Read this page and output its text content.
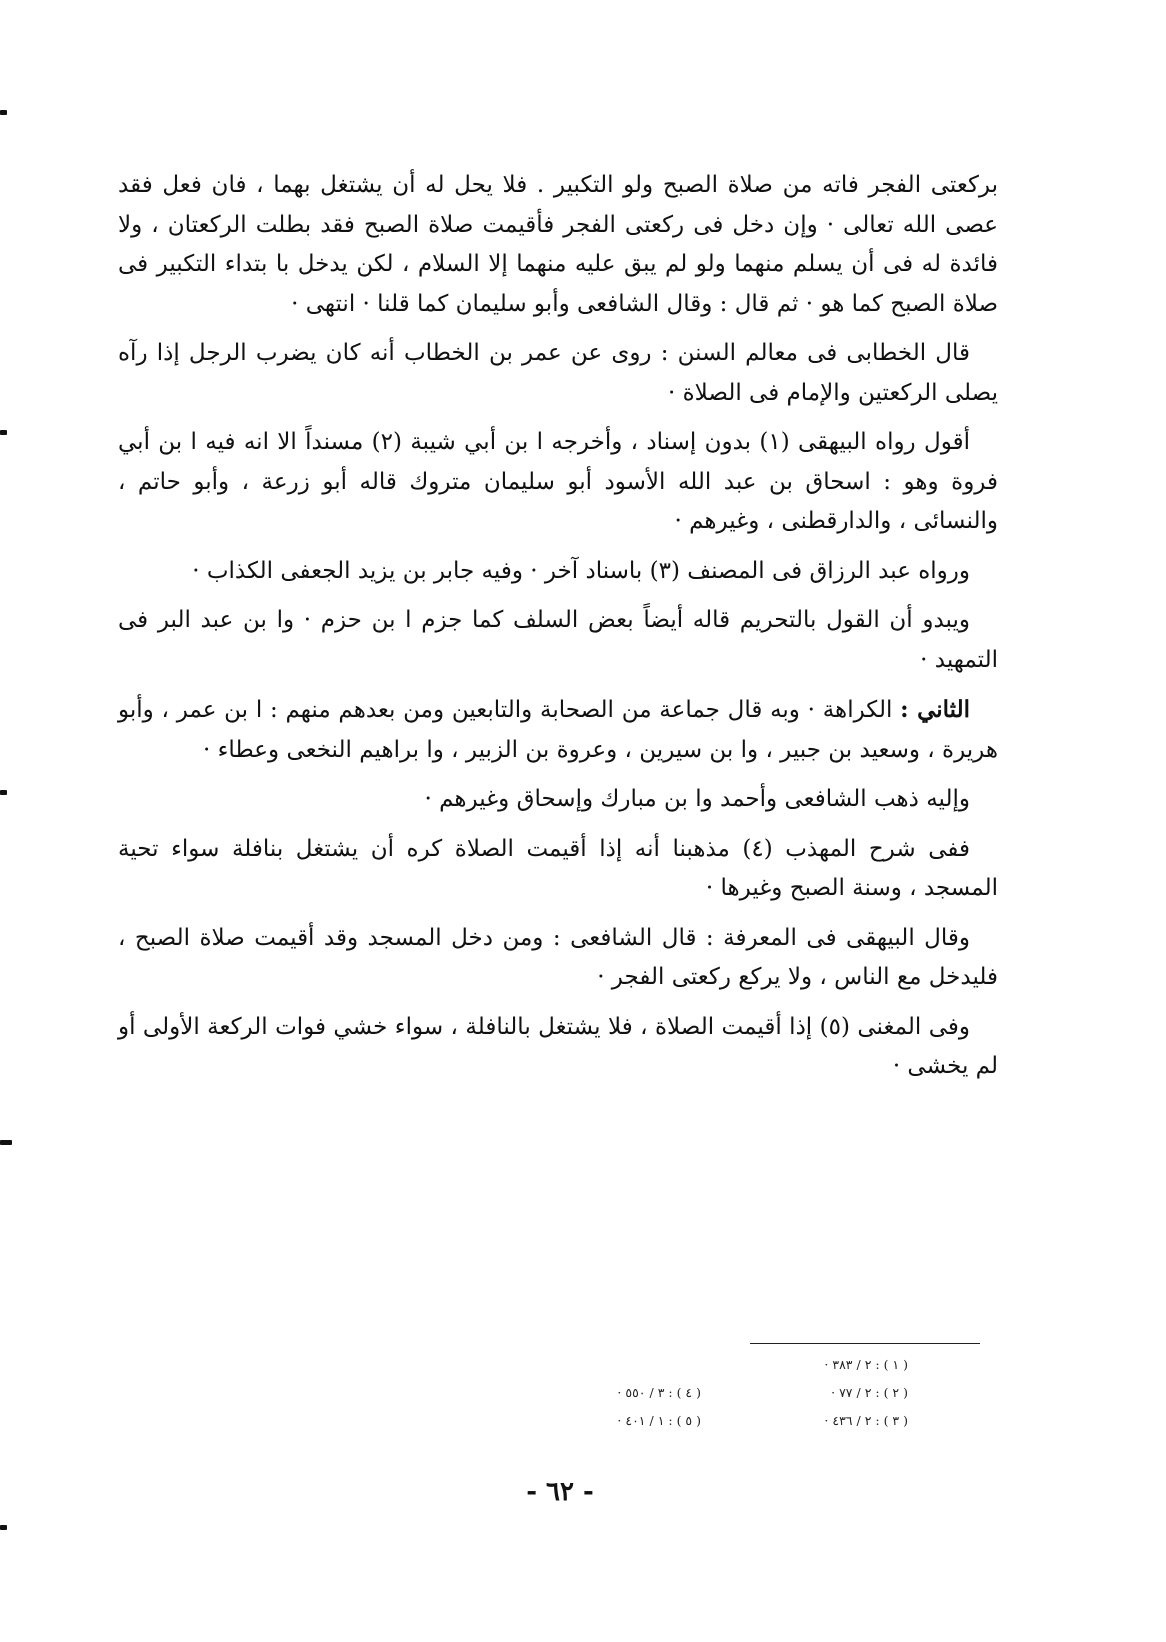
بركعتى الفجر فاته من صلاة الصبح ولو التكبير . فلا يحل له أن يشتغل بهما ، فان فعل فقد عصى الله تعالى · وإن دخل فى ركعتى الفجر فأقيمت صلاة الصبح فقد بطلت الركعتان ، ولا فائدة له فى أن يسلم منهما ولو لم يبق عليه منهما إلا السلام ، لكن يدخل با بتداء التكبير فى صلاة الصبح كما هو · ثم قال : وقال الشافعى وأبو سليمان كما قلنا · انتهى ·

قال الخطابى فى معالم السنن : روى عن عمر بن الخطاب أنه كان يضرب الرجل إذا رآه يصلى الركعتين والإمام فى الصلاة ·

أقول رواه البيهقى (١) بدون إسناد ، وأخرجه ا بن أبي شيبة (٢) مسنداً الا انه فيه ا بن أبي فروة وهو : اسحاق بن عبد الله الأسود أبو سليمان متروك قاله أبو زرعة ، وأبو حاتم ، والنسائى ، والدارقطنى ، وغيرهم ·

ورواه عبد الرزاق فى المصنف (٣) باسناد آخر · وفيه جابر بن يزيد الجعفى الكذاب ·

ويبدو أن القول بالتحريم قاله أيضاً بعض السلف كما جزم ا بن حزم · وا بن عبد البر فى التمهيد ·

الثاني : الكراهة · وبه قال جماعة من الصحابة والتابعين ومن بعدهم منهم : ا بن عمر ، وأبو هريرة ، وسعيد بن جبير ، وا بن سيرين ، وعروة بن الزبير ، وا براهيم النخعى وعطاء ·

وإليه ذهب الشافعى وأحمد وا بن مبارك وإسحاق وغيرهم ·

ففى شرح المهذب (٤) مذهبنا أنه إذا أقيمت الصلاة كره أن يشتغل بنافلة سواء تحية المسجد ، وسنة الصبح وغيرها ·

وقال البيهقى فى المعرفة : قال الشافعى : ومن دخل المسجد وقد أقيمت صلاة الصبح ، فليدخل مع الناس ، ولا يركع ركعتى الفجر ·

وفى المغنى (٥) إذا أقيمت الصلاة ، فلا يشتغل بالنافلة ، سواء خشي فوات الركعة الأولى أو لم يخشى ·

( ١ ) : ٢ / ٣٨٣ ·
( ٢ ) : ٢ / ٧٧ ·
( ٣ ) : ٢ / ٤٣٦ ·
( ٤ ) : ٣ / ٥٥٠ ·
( ٥ ) : ١ / ٤٠١ ·
- ٦٢ -
